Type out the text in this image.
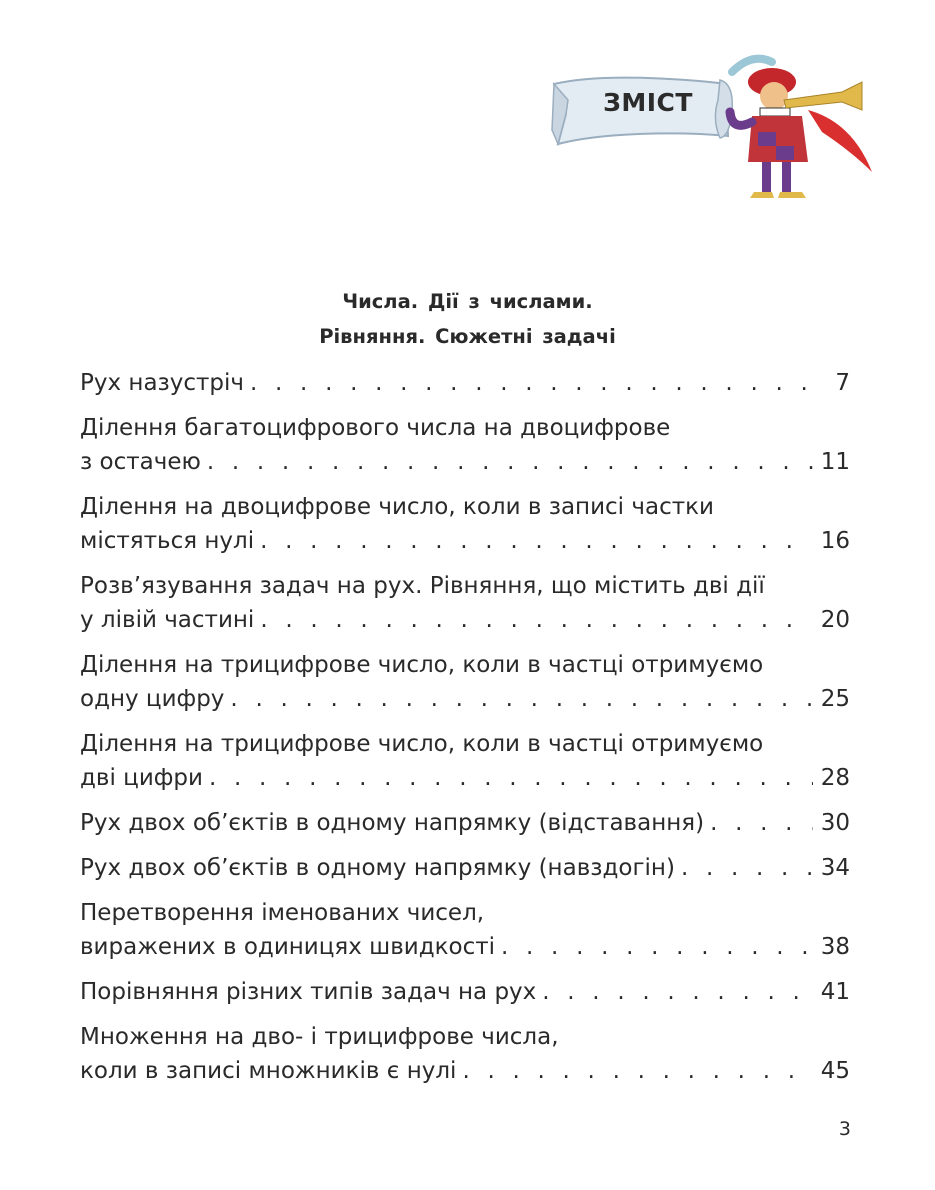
ЗМІСТ
Числа. Дії з числами.
Рівняння. Сюжетні задачі
Рух назустріч . . .	7
Ділення багатоцифрового числа на двоцифрове
з остачею . . .	11
Ділення на двоцифрове число, коли в записі частки
містяться нулі . . .	16
Розв’язування задач на рух. Рівняння, що містить дві дії
у лівій частині . . .	20
Ділення на трицифрове число, коли в частці отримуємо
одну цифру . . .	25
Ділення на трицифрове число, коли в частці отримуємо
дві цифри . . .	28
Рух двох об’єктів в одному напрямку (відставання) . . .	30
Рух двох об’єктів в одному напрямку (навздогін) . . .	34
Перетворення іменованих чисел,
виражених в одиницях швидкості . . .	38
Порівняння різних типів задач на рух . . .	41
Множення на дво- і трицифрове числа,
коли в записі множників є нулі . . .	45
3
